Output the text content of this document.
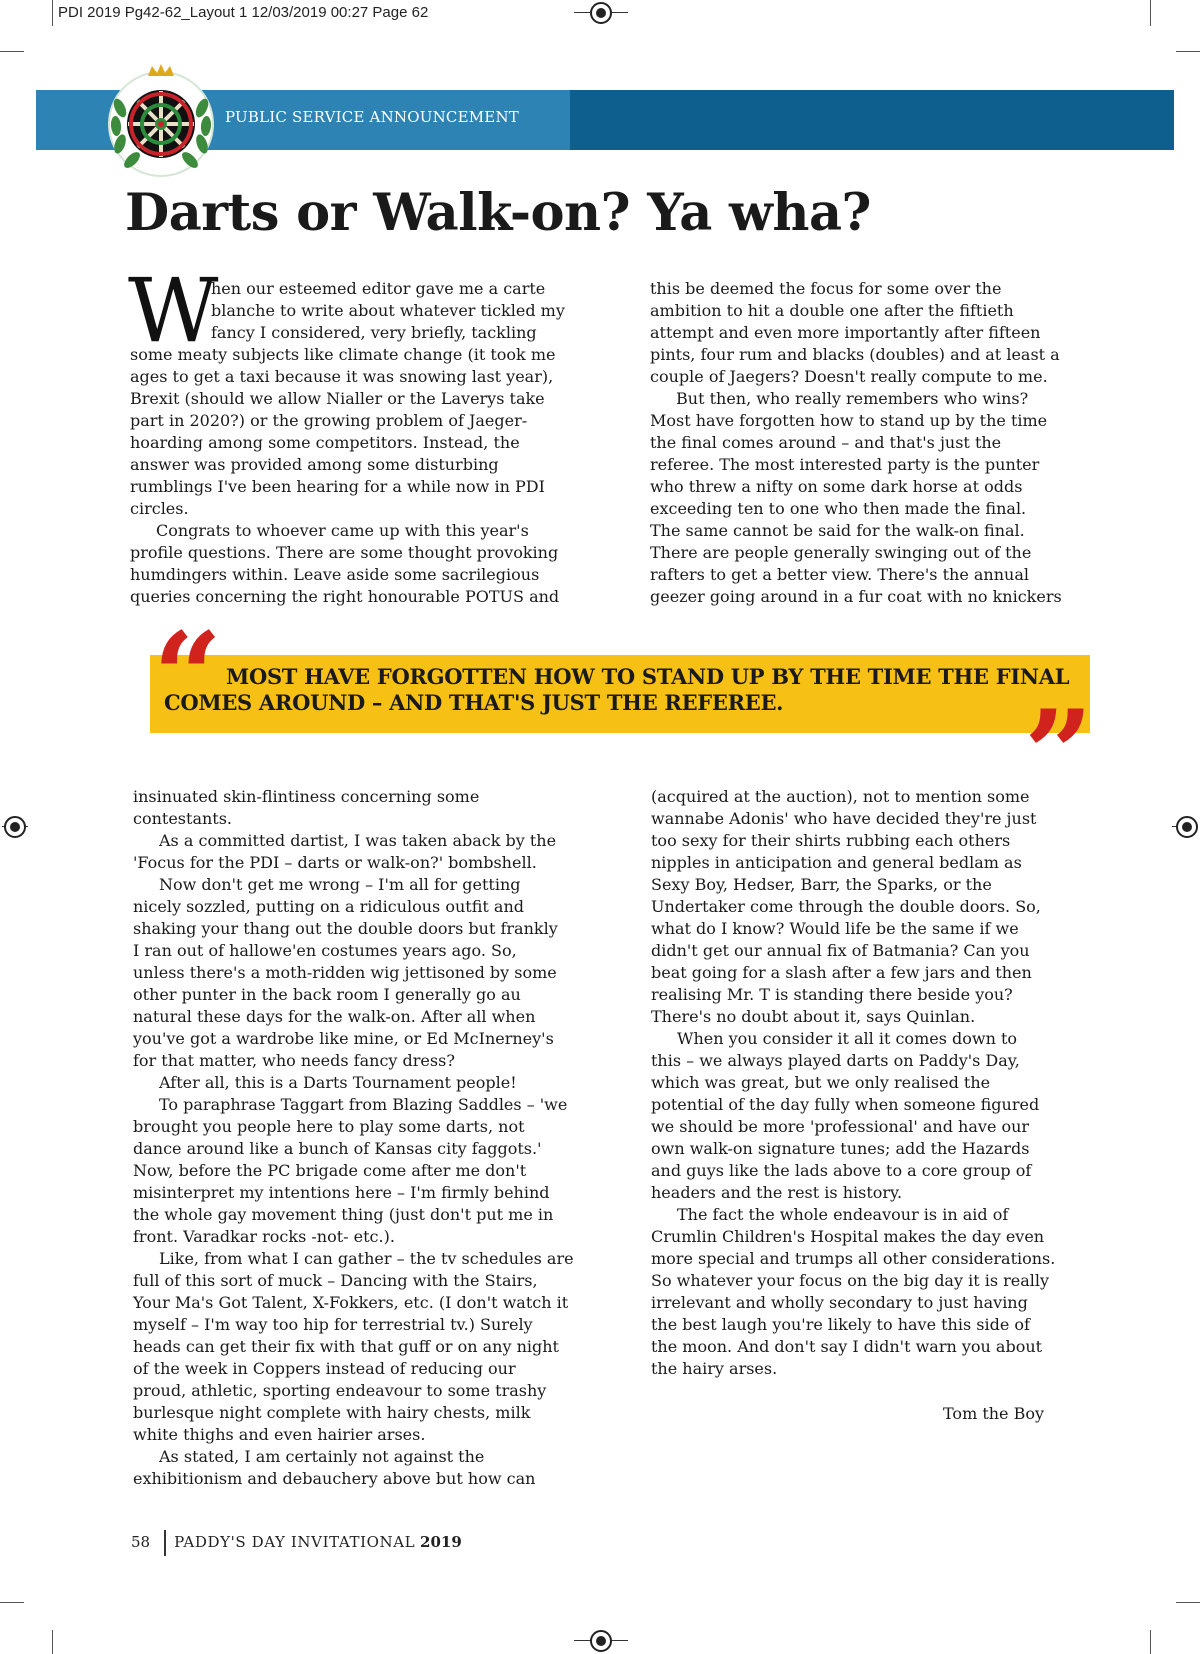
PDI 2019 Pg42-62_Layout 1 12/03/2019 00:27 Page 62
PUBLIC SERVICE ANNOUNCEMENT
Darts or Walk-on? Ya wha?
W

hen our esteemed editor gave me a carte

blanche to write about whatever tickled my

fancy I considered, very briefly, tackling

some meaty subjects like climate change (it took me

ages to get a taxi because it was snowing last year),

Brexit (should we allow Nialler or the Laverys take

part in 2020?) or the growing problem of Jaeger-

hoarding among some competitors. Instead, the

answer was provided among some disturbing

rumblings I've been hearing for a while now in PDI

circles.

Congrats to whoever came up with this year's

profile questions. There are some thought provoking

humdingers within. Leave aside some sacrilegious

queries concerning the right honourable POTUS and

this be deemed the focus for some over the

ambition to hit a double one after the fiftieth

attempt and even more importantly after fifteen

pints, four rum and blacks (doubles) and at least a

couple of Jaegers? Doesn't really compute to me.

But then, who really remembers who wins?

Most have forgotten how to stand up by the time

the final comes around – and that's just the

referee. The most interested party is the punter

who threw a nifty on some dark horse at odds

exceeding ten to one who then made the final.

The same cannot be said for the walk-on final.

There are people generally swinging out of the

rafters to get a better view. There's the annual

geezer going around in a fur coat with no knickers

“ MOST HAVE FORGOTTEN HOW TO STAND UP BY THE TIME THE FINAL
COMES AROUND – AND THAT'S JUST THE REFEREE.	”

insinuated skin-flintiness concerning some

contestants.

As a committed dartist, I was taken aback by the

'Focus for the PDI – darts or walk-on?' bombshell.

Now don't get me wrong – I'm all for getting

nicely sozzled, putting on a ridiculous outfit and

shaking your thang out the double doors but frankly

I ran out of hallowe'en costumes years ago. So,

unless there's a moth-ridden wig jettisoned by some

other punter in the back room I generally go au

natural these days for the walk-on. After all when

you've got a wardrobe like mine, or Ed McInerney's

for that matter, who needs fancy dress?

After all, this is a Darts Tournament people!

To paraphrase Taggart from Blazing Saddles – 'we

brought you people here to play some darts, not

dance around like a bunch of Kansas city faggots.'

Now, before the PC brigade come after me don't

misinterpret my intentions here – I'm firmly behind

the whole gay movement thing (just don't put me in

front. Varadkar rocks -not- etc.).

Like, from what I can gather – the tv schedules are

full of this sort of muck – Dancing with the Stairs,

Your Ma's Got Talent, X-Fokkers, etc. (I don't watch it

myself – I'm way too hip for terrestrial tv.) Surely

heads can get their fix with that guff or on any night

of the week in Coppers instead of reducing our

proud, athletic, sporting endeavour to some trashy

burlesque night complete with hairy chests, milk

white thighs and even hairier arses.

As stated, I am certainly not against the

exhibitionism and debauchery above but how can

(acquired at the auction), not to mention some

wannabe Adonis' who have decided they're just

too sexy for their shirts rubbing each others

nipples in anticipation and general bedlam as

Sexy Boy, Hedser, Barr, the Sparks, or the

Undertaker come through the double doors. So,

what do I know? Would life be the same if we

didn't get our annual fix of Batmania? Can you

beat going for a slash after a few jars and then

realising Mr. T is standing there beside you?

There's no doubt about it, says Quinlan.

When you consider it all it comes down to

this – we always played darts on Paddy's Day,

which was great, but we only realised the

potential of the day fully when someone figured

we should be more 'professional' and have our

own walk-on signature tunes; add the Hazards

and guys like the lads above to a core group of

headers and the rest is history.

The fact the whole endeavour is in aid of

Crumlin Children's Hospital makes the day even

more special and trumps all other considerations.

So whatever your focus on the big day it is really

irrelevant and wholly secondary to just having

the best laugh you're likely to have this side of

the moon. And don't say I didn't warn you about

the hairy arses.

Tom the Boy
58 PADDY'S DAY INVITATIONAL 2019
